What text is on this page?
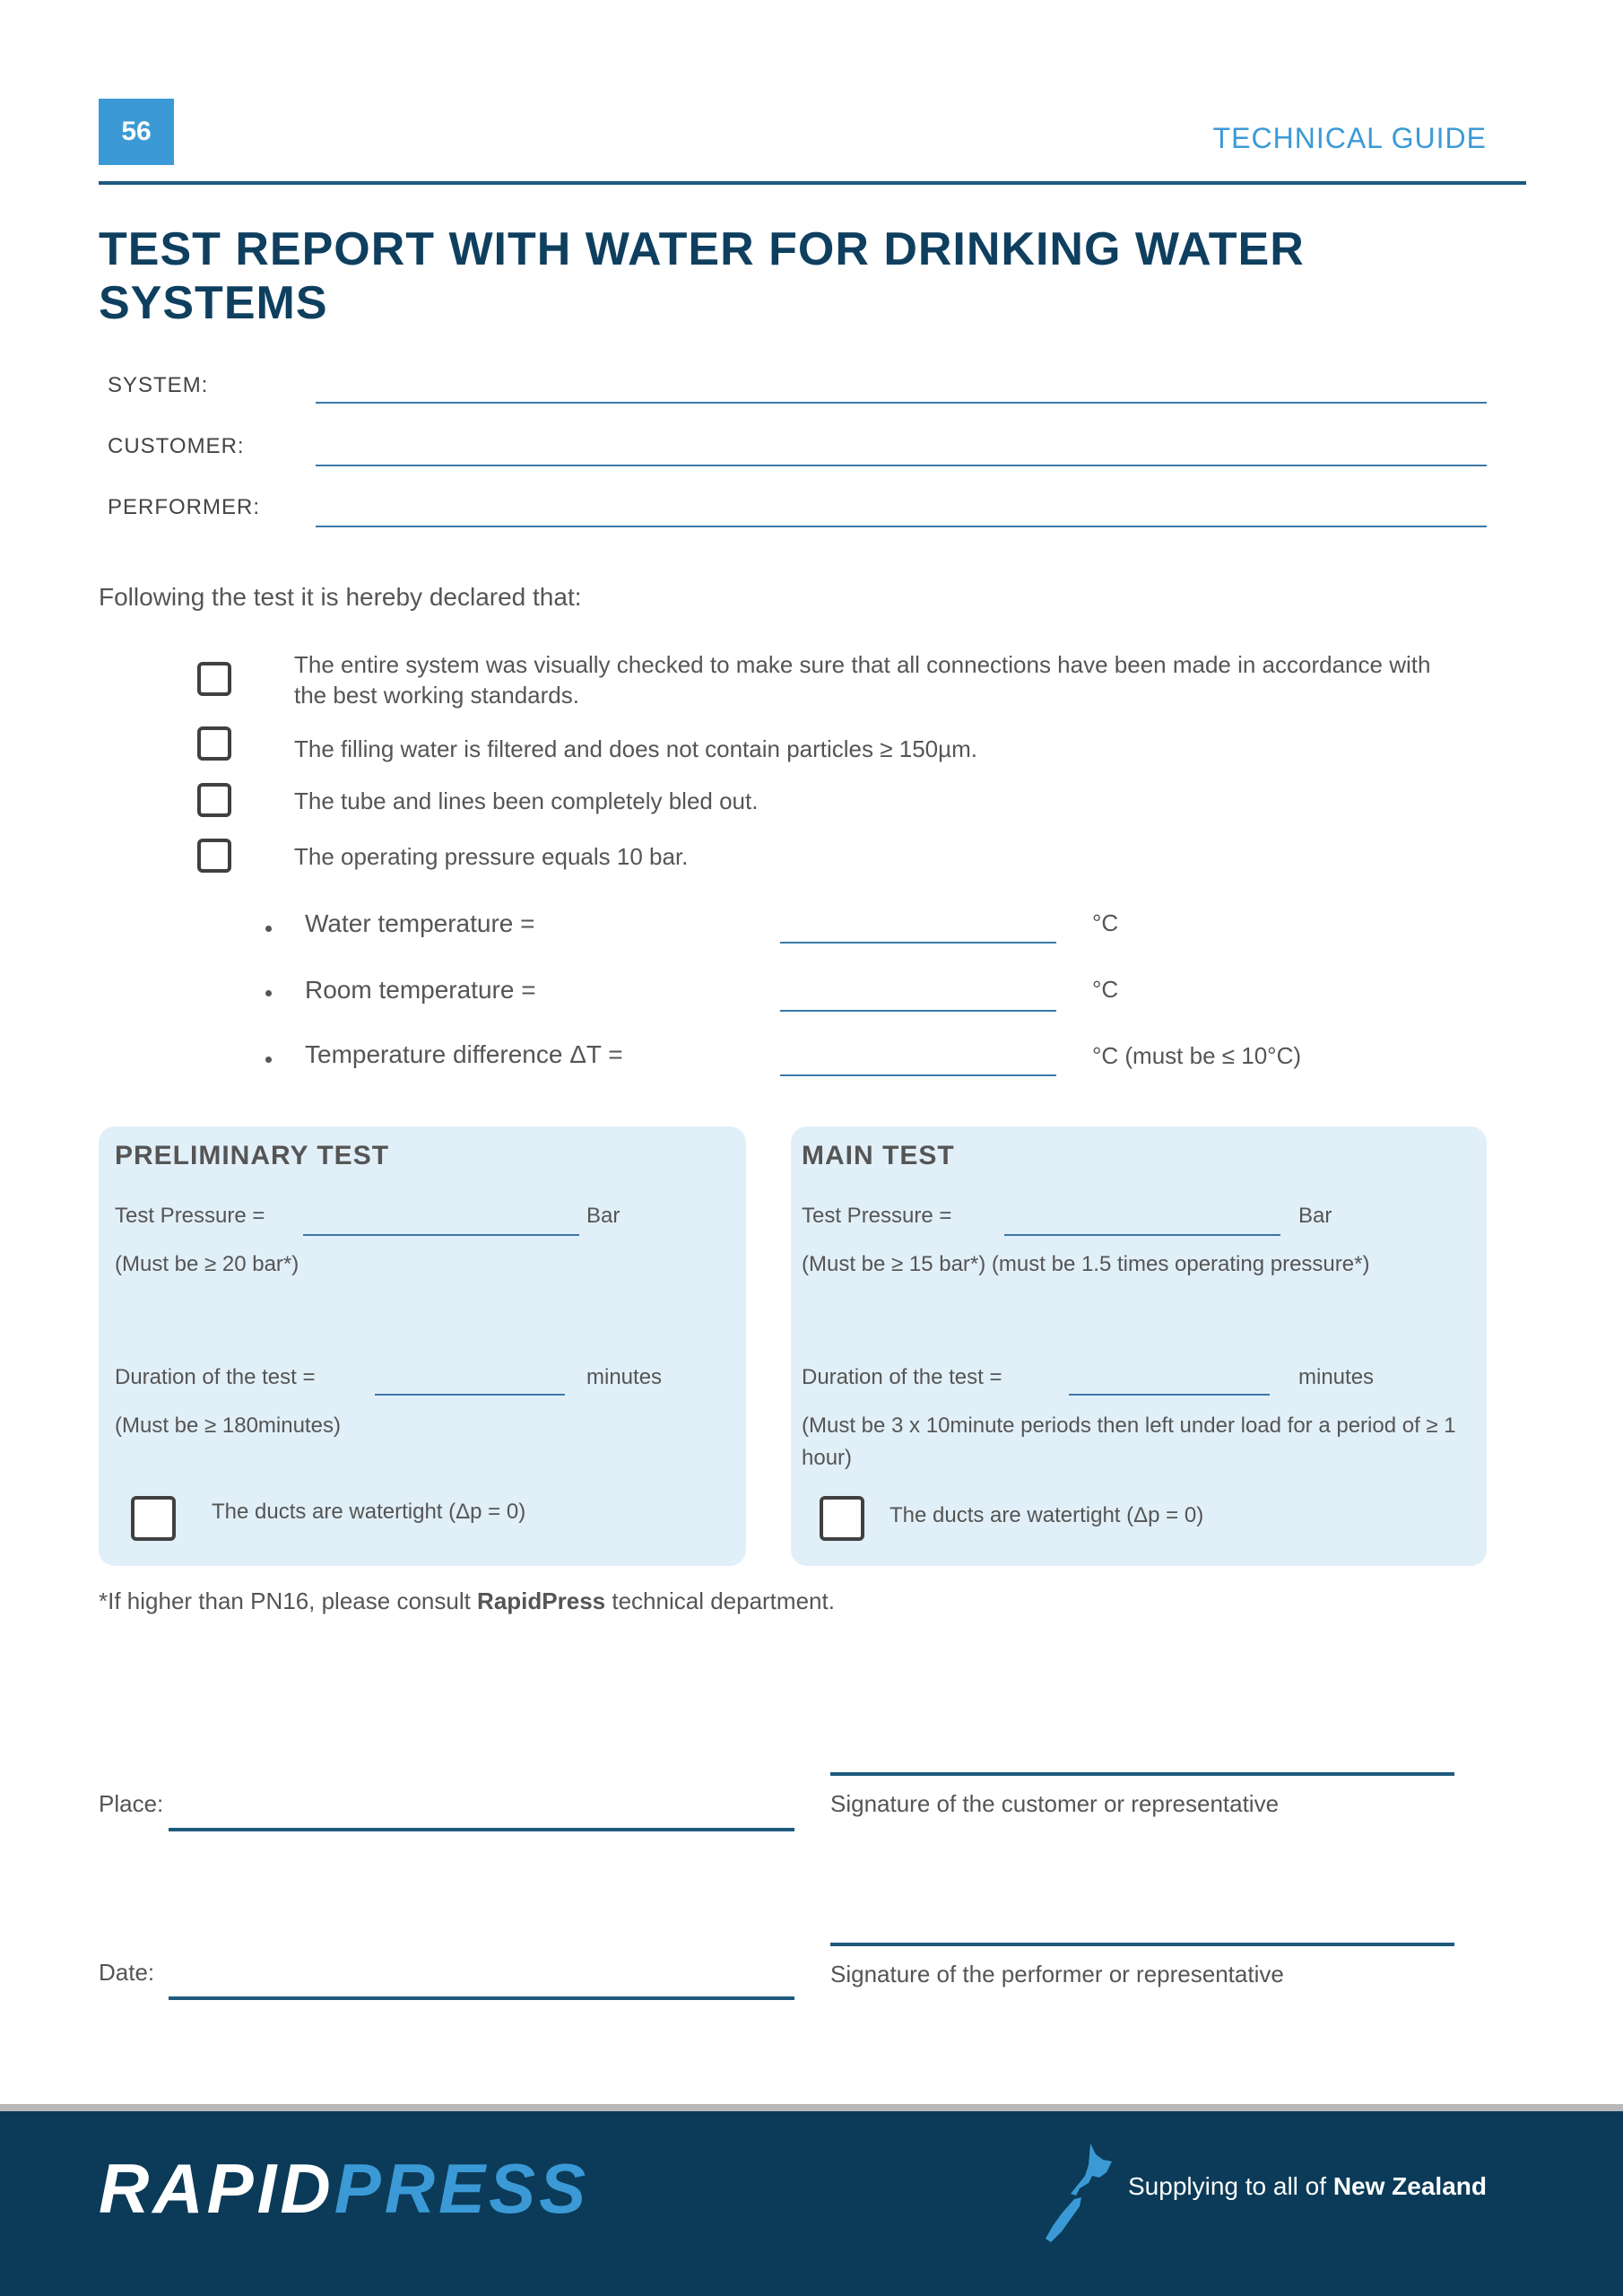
56	TECHNICAL GUIDE
TEST REPORT WITH WATER FOR DRINKING WATER SYSTEMS
SYSTEM:
CUSTOMER:
PERFORMER:
Following the test it is hereby declared that:
The entire system was visually checked to make sure that all connections have been made in accordance with the best working standards.
The filling water is filtered and does not contain particles ≥ 150µm.
The tube and lines been completely bled out.
The operating pressure equals 10 bar.
Water temperature =	°C
Room temperature =	°C
Temperature difference ΔT =	°C (must be ≤ 10°C)
PRELIMINARY TEST
Test Pressure =	Bar
(Must be ≥ 20 bar*)
Duration of the test =	minutes
(Must be ≥ 180minutes)
The ducts are watertight (Δp = 0)
MAIN TEST
Test Pressure =	Bar
(Must be ≥ 15 bar*) (must be 1.5 times operating pressure*)
Duration of the test =	minutes
(Must be 3 x 10minute periods then left under load for a period of ≥ 1 hour)
The ducts are watertight (Δp = 0)
*If higher than PN16, please consult RapidPress technical department.
Place:	Signature of the customer or representative
Date:	Signature of the performer or representative
RAPIDPRESS	Supplying to all of New Zealand
